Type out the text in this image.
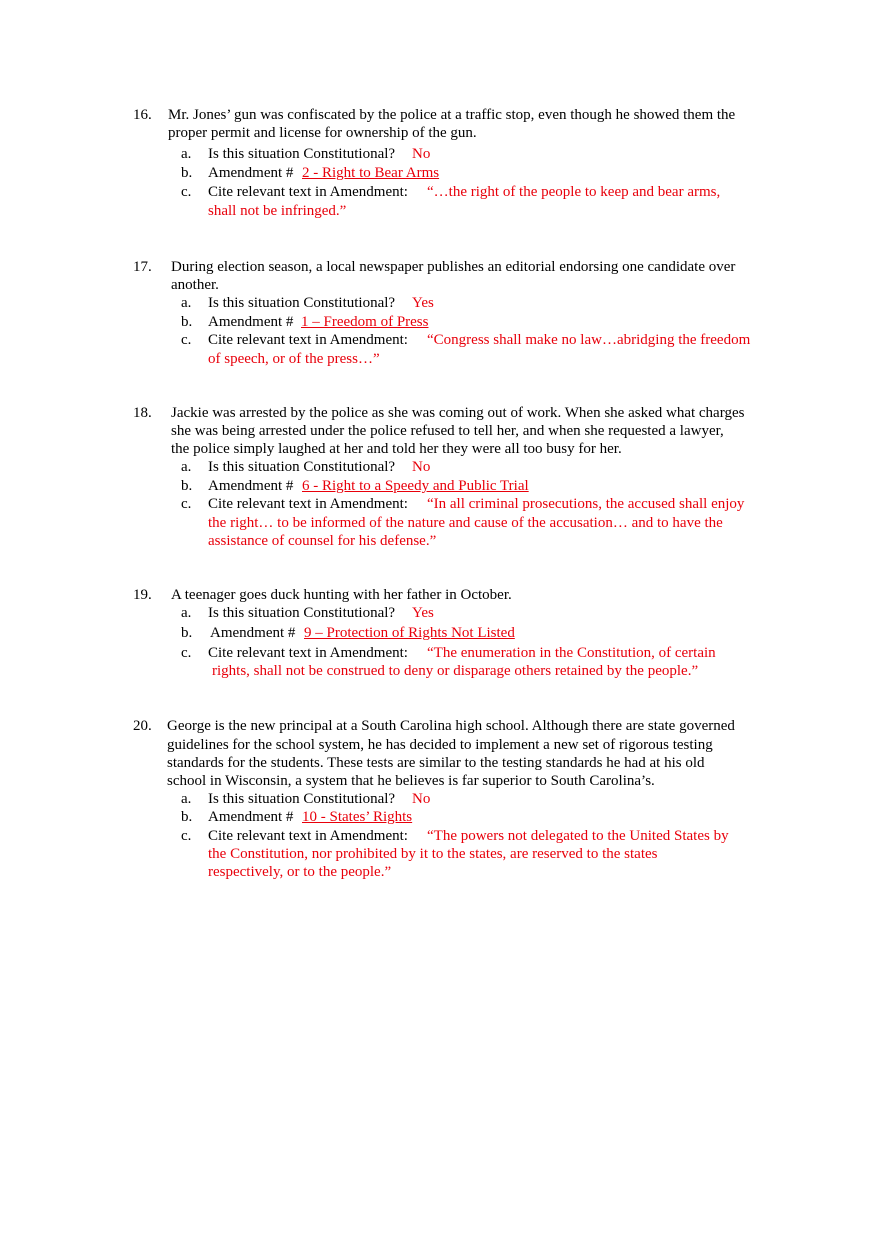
16. Mr. Jones’ gun was confiscated by the police at a traffic stop, even though he showed them the
proper permit and license for ownership of the gun.
a. Is this situation Constitutional? No
b. Amendment # 2 - Right to Bear Arms
c. Cite relevant text in Amendment: “…the right of the people to keep and bear arms,
shall not be infringed.”
17. During election season, a local newspaper publishes an editorial endorsing one candidate over
another.
a. Is this situation Constitutional? Yes
b. Amendment # 1 – Freedom of Press
c. Cite relevant text in Amendment: “Congress shall make no law…abridging the freedom
of speech, or of the press…”
18. Jackie was arrested by the police as she was coming out of work. When she asked what charges
she was being arrested under the police refused to tell her, and when she requested a lawyer,
the police simply laughed at her and told her they were all too busy for her.
a. Is this situation Constitutional? No
b. Amendment # 6 - Right to a Speedy and Public Trial
c. Cite relevant text in Amendment: “In all criminal prosecutions, the accused shall enjoy
the right… to be informed of the nature and cause of the accusation… and to have the
assistance of counsel for his defense.”
19. A teenager goes duck hunting with her father in October.
a. Is this situation Constitutional? Yes
b. Amendment # 9 – Protection of Rights Not Listed
c. Cite relevant text in Amendment: “The enumeration in the Constitution, of certain
rights, shall not be construed to deny or disparage others retained by the people.”
20. George is the new principal at a South Carolina high school. Although there are state governed
guidelines for the school system, he has decided to implement a new set of rigorous testing
standards for the students. These tests are similar to the testing standards he had at his old
school in Wisconsin, a system that he believes is far superior to South Carolina’s.
a. Is this situation Constitutional? No
b. Amendment # 10 - States’ Rights
c. Cite relevant text in Amendment: “The powers not delegated to the United States by
the Constitution, nor prohibited by it to the states, are reserved to the states
respectively, or to the people.”
